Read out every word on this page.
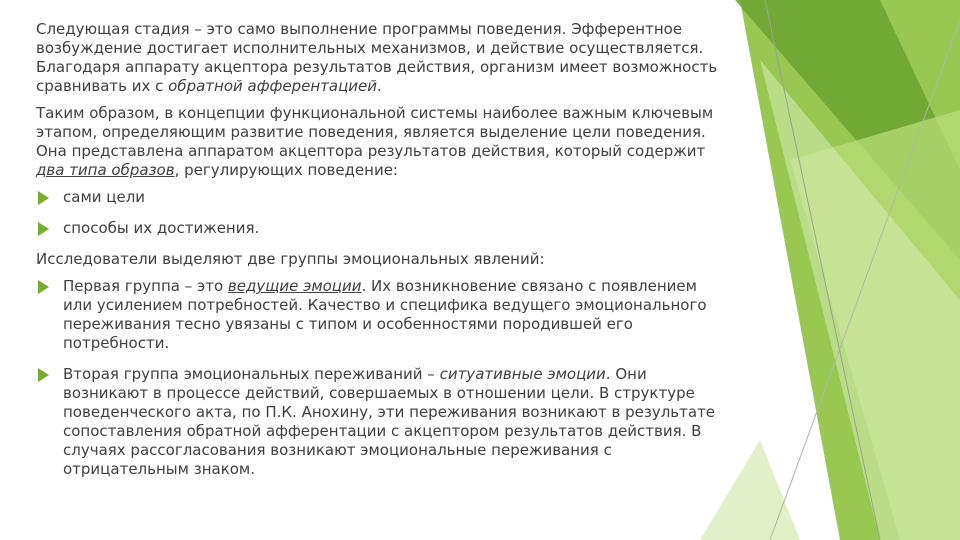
Следующая стадия – это само выполнение программы поведения. Эфферентное возбуждение достигает исполнительных механизмов, и действие осуществляется. Благодаря аппарату акцептора результатов действия, организм имеет возможность сравнивать их с обратной афферентацией.

Таким образом, в концепции функциональной системы наиболее важным ключевым этапом, определяющим развитие поведения, является выделение цели поведения. Она представлена аппаратом акцептора результатов действия, который содержит два типа образов, регулирующих поведение:

сами цели
способы их достижения.

Исследователи выделяют две группы эмоциональных явлений:

Первая группа – это ведущие эмоции. Их возникновение связано с появлением или усилением потребностей. Качество и специфика ведущего эмоционального переживания тесно увязаны с типом и особенностями породившей его потребности.
Вторая группа эмоциональных переживаний – ситуативные эмоции. Они возникают в процессе действий, совершаемых в отношении цели. В структуре поведенческого акта, по П.К. Анохину, эти переживания возникают в результате сопоставления обратной афферентации с акцептором результатов действия. В случаях рассогласования возникают эмоциональные переживания с отрицательным знаком.
